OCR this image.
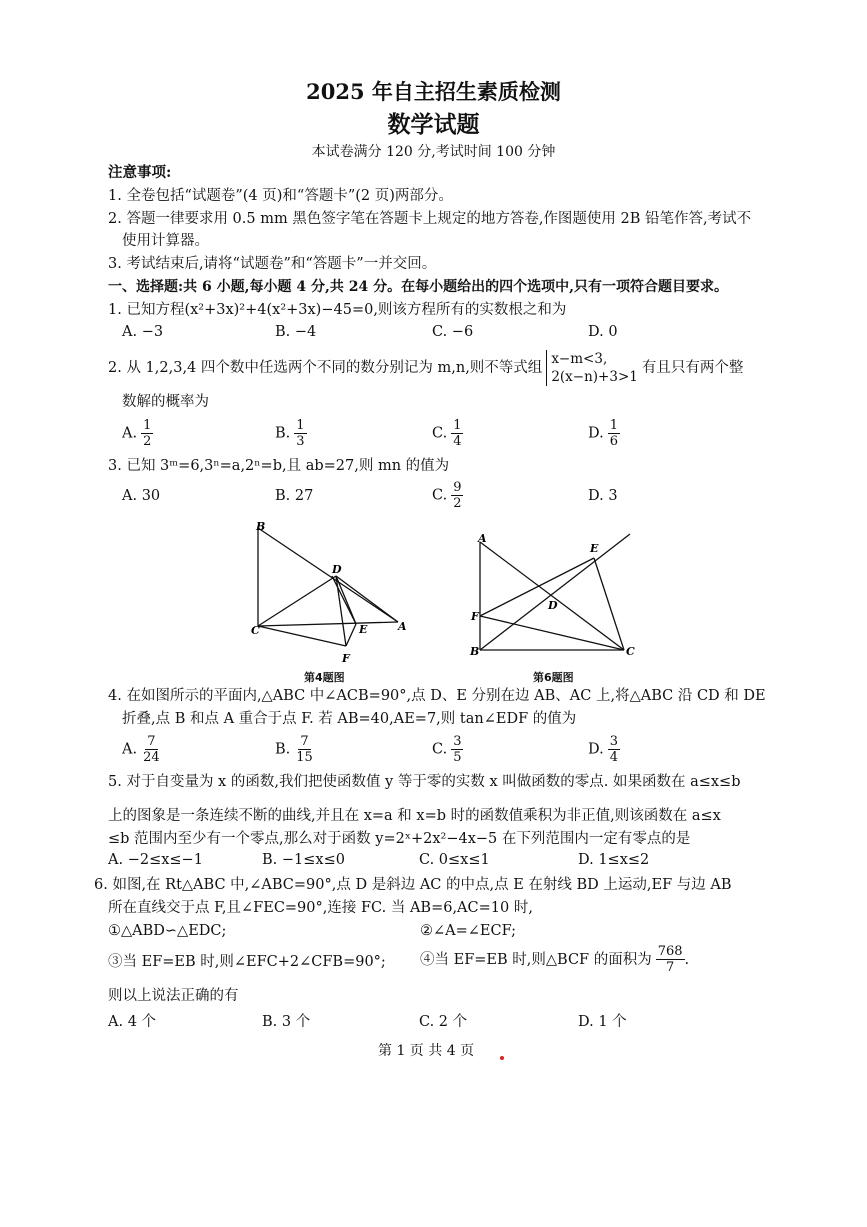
2025 年自主招生素质检测
数学试题
本试卷满分 120 分,考试时间 100 分钟
注意事项:
1. 全卷包括“试题卷”(4 页)和“答题卡”(2 页)两部分。
2. 答题一律要求用 0.5 mm 黑色签字笔在答题卡上规定的地方答卷,作图题使用 2B 铅笔作答,考试不
使用计算器。
3. 考试结束后,请将“试题卷”和“答题卡”一并交回。
一、选择题:共 6 小题,每小题 4 分,共 24 分。在每小题给出的四个选项中,只有一项符合题目要求。
1. 已知方程(x²+3x)²+4(x²+3x)−45=0,则该方程所有的实数根之和为
A. −3	B. −4	C. −6	D. 0
2. 从 1,2,3,4 四个数中任选两个不同的数分别记为 m,n,则不等式组
x−m<3,
2(x−n)+3>1
有且只有两个整
数解的概率为
A. $\frac{1}{2}$	B. $\frac{1}{3}$	C. $\frac{1}{4}$	D. $\frac{1}{6}$
3. 已知 3ᵐ=6,3ⁿ=a,2ⁿ=b,且 ab=27,则 mn 的值为
A. 30	B. 27	C. $\frac{9}{2}$	D. 3
B
D
C	E	A
F
第4题图
A
E
F
D
B	C
第6题图
4. 在如图所示的平面内,△ABC 中∠ACB=90°,点 D、E 分别在边 AB、AC 上,将△ABC 沿 CD 和 DE
折叠,点 B 和点 A 重合于点 F. 若 AB=40,AE=7,则 tan∠EDF 的值为
A. $\frac{7}{24}$	B. $\frac{7}{15}$	C. $\frac{3}{5}$	D. $\frac{3}{4}$
5. 对于自变量为 x 的函数,我们把使函数值 y 等于零的实数 x 叫做函数的零点. 如果函数在 a≤x≤b
上的图象是一条连续不断的曲线,并且在 x=a 和 x=b 时的函数值乘积为非正值,则该函数在 a≤x
≤b 范围内至少有一个零点,那么对于函数 y=2ˣ+2x²−4x−5 在下列范围内一定有零点的是
A. −2≤x≤−1	B. −1≤x≤0	C. 0≤x≤1	D. 1≤x≤2
6. 如图,在 Rt△ABC 中,∠ABC=90°,点 D 是斜边 AC 的中点,点 E 在射线 BD 上运动,EF 与边 AB
所在直线交于点 F,且∠FEC=90°,连接 FC. 当 AB=6,AC=10 时,
①△ABD∽△EDC;	②∠A=∠ECF;
③当 EF=EB 时,则∠EFC+2∠CFB=90°; ④当 EF=EB 时,则△BCF 的面积为 $\frac{768}{7}$ .
则以上说法正确的有
A. 4 个	B. 3 个	C. 2 个	D. 1 个
第 1 页 共 4 页
